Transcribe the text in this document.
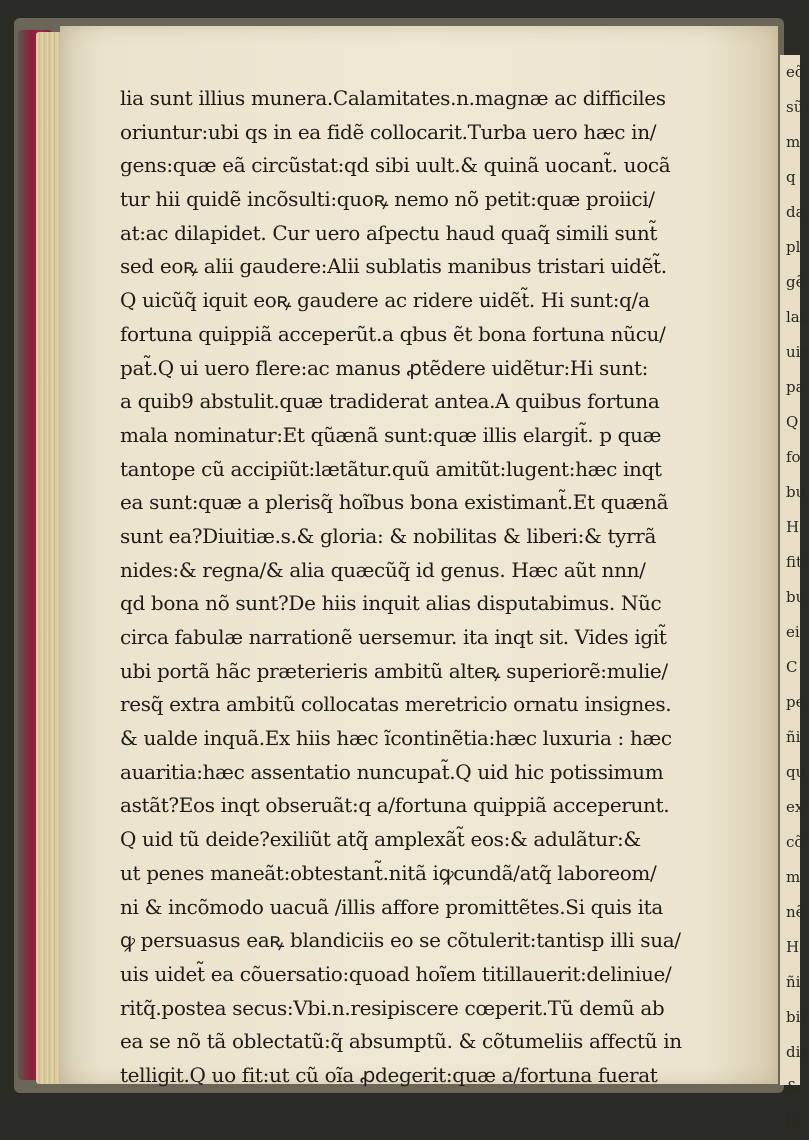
eõ
sũ
m
q
da
pl
gẽ
lat
uic
pa
Q
fo
bu
H
fit
bu
ei
C
pe
ñi
qu
ex
cõ
m
nẽ
H
ñi
bil
dix
&
le
lia sunt illius munera.Calamitates.n.magnæ ac difficiles
oriuntur:ubi qs in ea fidẽ collocarit.Turba uero hæc in/
gens:quæ eã circũstat:qd sibi uult.& quinã uocant̃. uocã
tur hii quidẽ incõsulti:quoꝶ nemo nõ petit:quæ proiici/
at:ac dilapidet. Cur uero aſpectu haud quaq̃ simili sunt̃
sed eoꝶ alii gaudere:Alii sublatis manibus tristari uidẽt̃.
Q uicũq̃ iquit eoꝶ gaudere ac ridere uidẽt̃. Hi sunt:q/a
fortuna quippiã acceperũt.a qbus ẽt bona fortuna nũcu/
pat̃.Q ui uero flere:ac manus ꝓtẽdere uidẽtur:Hi sunt:
a quib9 abstulit.quæ tradiderat antea.A quibus fortuna
mala nominatur:Et qũænã sunt:quæ illis elargit̃. p quæ
tantope cũ accipiũt:lætãtur.quũ amitũt:lugent:hæc inqt
ea sunt:quæ a plerisq̃ hoĩbus bona existimant̃.Et quænã
sunt ea?Diuitiæ.s.& gloria: & nobilitas & liberi:& tyrrã
nides:& regna/& alia quæcũq̃ id genus. Hæc aũt nnn/
qd bona nõ sunt?De hiis inquit alias disputabimus. Nũc
circa fabulæ narrationẽ uersemur. ita inqt sit. Vides igit̃
ubi portã hãc præterieris ambitũ alteꝶ superiorẽ:mulie/
resq̃ extra ambitũ collocatas meretricio ornatu insignes.
& ualde inquã.Ex hiis hæc ĩcontinẽtia:hæc luxuria : hæc
auaritia:hæc assentatio nuncupat̃.Q uid hic potissimum
astãt?Eos inqt obseruãt:q a/fortuna quippiã acceperunt.
Q uid tũ deide?exiliũt atq̃ amplexãt̃ eos:& adulãtur:&
ut penes maneãt:obtestant̃.nitã iꝙcundã/atq̃ laboreom/
ni & incõmodo uacuã /illis affore promittẽtes.Si quis ita
ꝙ persuasus eaꝶ blandiciis eo se cõtulerit:tantisp illi sua/
uis uidet̃ ea cõuersatio:quoad hoĩem titillauerit:deliniue/
ritq̃.postea secus:Vbi.n.resipiscere cœperit.Tũ demũ ab
ea se nõ tã oblectatũ:q̃ absumptũ. & cõtumeliis affectũ in
telligit.Q uo fit:ut cũ oĩa ꝓdegerit:quæ a/fortuna fuerat
